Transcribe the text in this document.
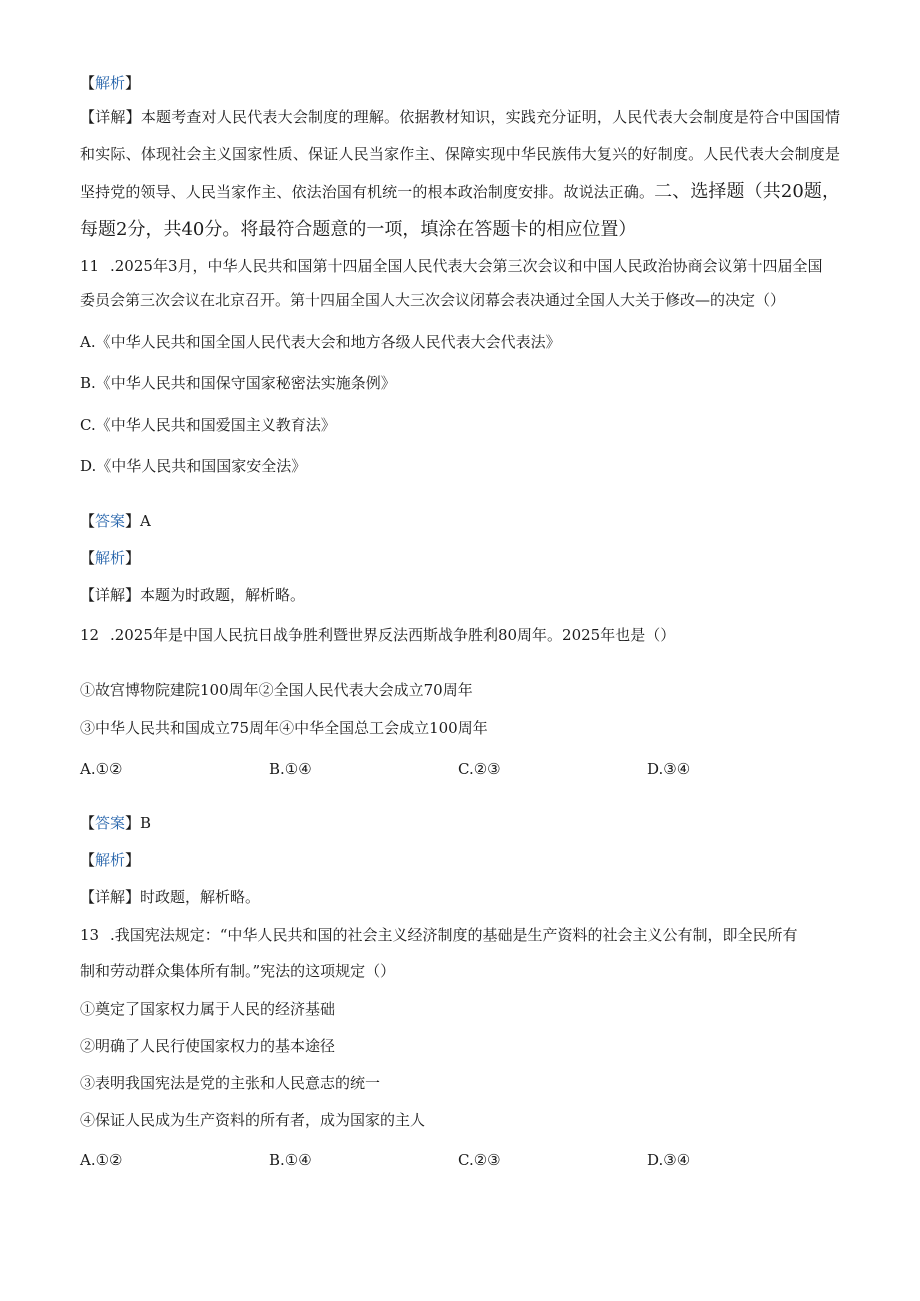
【解析】
【详解】本题考查对人民代表大会制度的理解。依据教材知识，实践充分证明，人民代表大会制度是符合中国国情和实际、体现社会主义国家性质、保证人民当家作主、保障实现中华民族伟大复兴的好制度。人民代表大会制度是坚持党的领导、人民当家作主、依法治国有机统一的根本政治制度安排。故说法正确。二、选择题（共20题，每题2分，共40分。将最符合题意的一项，填涂在答题卡的相应位置）
11 .2025年3月，中华人民共和国第十四届全国人民代表大会第三次会议和中国人民政治协商会议第十四届全国
委员会第三次会议在北京召开。第十四届全国人大三次会议闭幕会表决通过全国人大关于修改—的决定（）
A.《中华人民共和国全国人民代表大会和地方各级人民代表大会代表法》
B.《中华人民共和国保守国家秘密法实施条例》
C.《中华人民共和国爱国主义教育法》
D.《中华人民共和国国家安全法》
【答案】A
【解析】
【详解】本题为时政题，解析略。
12 .2025年是中国人民抗日战争胜利暨世界反法西斯战争胜利80周年。2025年也是（）
①故宫博物院建院100周年②全国人民代表大会成立70周年
③中华人民共和国成立75周年④中华全国总工会成立100周年
A.①②	B.①④	C.②③	D.③④
【答案】B
【解析】
【详解】时政题，解析略。
13 .我国宪法规定：“中华人民共和国的社会主义经济制度的基础是生产资料的社会主义公有制，即全民所有
制和劳动群众集体所有制。”宪法的这项规定（）
①奠定了国家权力属于人民的经济基础
②明确了人民行使国家权力的基本途径
③表明我国宪法是党的主张和人民意志的统一
④保证人民成为生产资料的所有者，成为国家的主人
A.①②	B.①④	C.②③	D.③④
